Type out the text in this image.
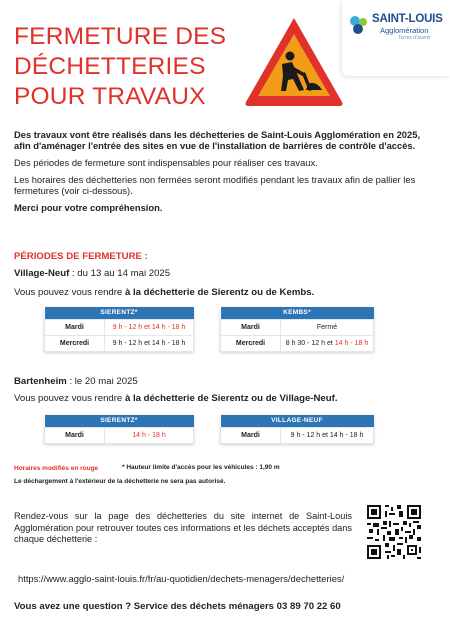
FERMETURE DES
DÉCHETTERIES
POUR TRAVAUX
SAINT-LOUIS
Agglomération
Terres d'avenir

Des travaux vont être réalisés dans les déchetteries de Saint-Louis Agglomération en 2025, afin d'aménager l'entrée des sites en vue de l'installation de barrières de contrôle d'accès.

Des périodes de fermeture sont indispensables pour réaliser ces travaux.

Les horaires des déchetteries non fermées seront modifiés pendant les travaux afin de pallier les fermetures (voir ci-dessous).

Merci pour votre compréhension.

PÉRIODES DE FERMETURE :
Village-Neuf : du 13 au 14 mai 2025
Vous pouvez vous rendre à la déchetterie de Sierentz ou de Kembs.
SIERENTZ*	
Mardi	9 h - 12 h et 14 h - 18 h
Mercredi	9 h - 12 h et 14 h - 18 h
KEMBS*	
Mardi	Fermé
Mercredi	8 h 30 - 12 h et 14 h - 18 h
Bartenheim : le 20 mai 2025
Vous pouvez vous rendre à la déchetterie de Sierentz ou de Village-Neuf.
SIERENTZ*
Mardi	14 h - 18 h
VILLAGE-NEUF
Mardi	9 h - 12 h et 14 h - 18 h
Horaires modifiés en rouge	* Hauteur limite d'accès pour les véhicules : 1,90 m
Le déchargement à l'extérieur de la déchetterie ne sera pas autorisé.
Rendez-vous sur la page des déchetteries du site internet de Saint-Louis Agglomération pour retrouver toutes ces informations et les déchets acceptés dans chaque déchetterie :
https://www.agglo-saint-louis.fr/fr/au-quotidien/dechets-menagers/dechetteries/
Vous avez une question ? Service des déchets ménagers 03 89 70 22 60
